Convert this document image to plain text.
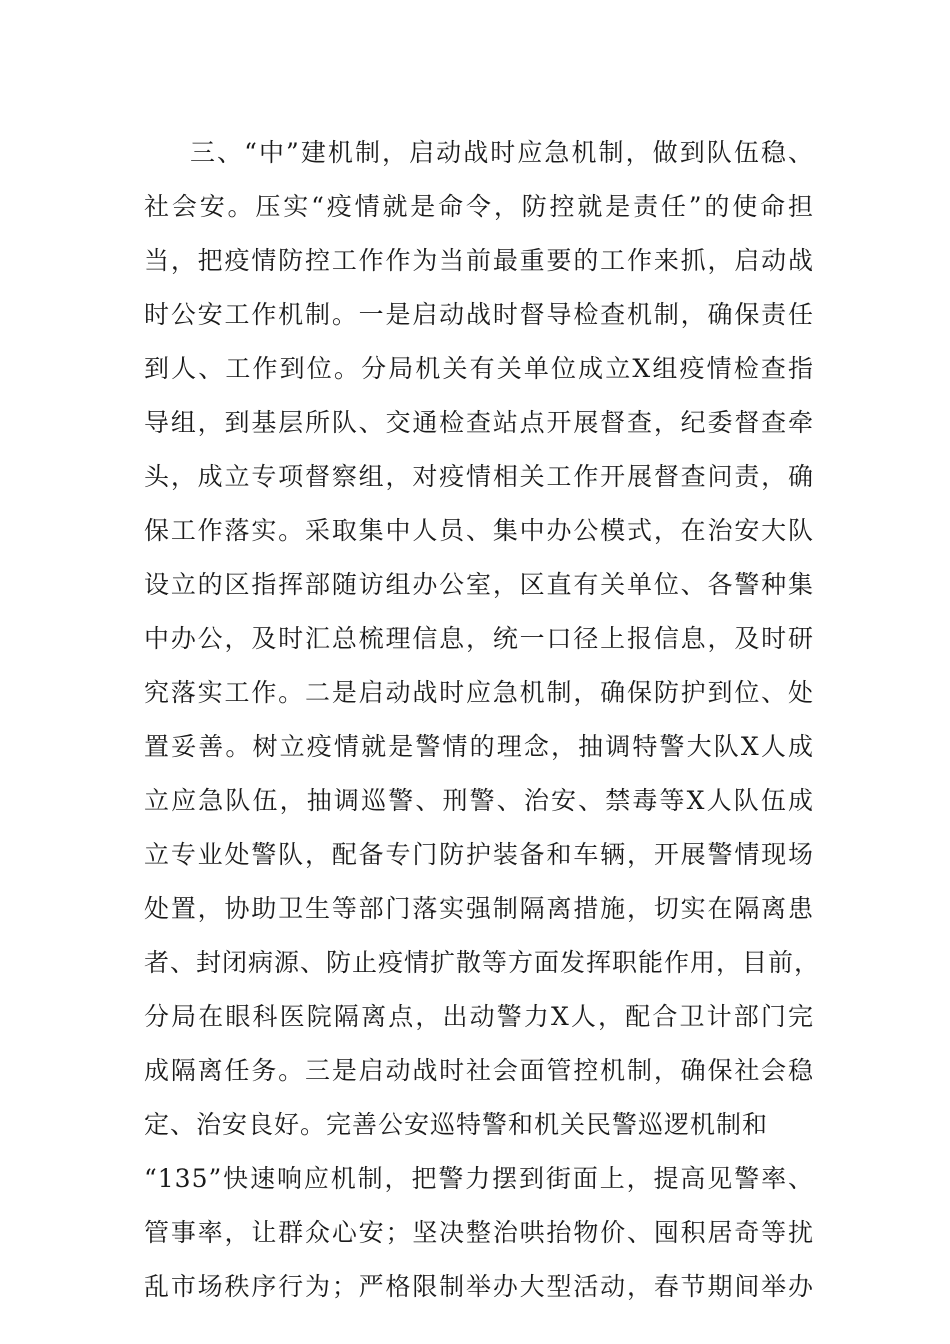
三、“中”建机制，启动战时应急机制，做到队伍稳、
社会安。压实“疫情就是命令，防控就是责任”的使命担
当，把疫情防控工作作为当前最重要的工作来抓，启动战
时公安工作机制。一是启动战时督导检查机制，确保责任
到人、工作到位。分局机关有关单位成立X组疫情检查指
导组，到基层所队、交通检查站点开展督查，纪委督查牵
头，成立专项督察组，对疫情相关工作开展督查问责，确
保工作落实。采取集中人员、集中办公模式，在治安大队
设立的区指挥部随访组办公室，区直有关单位、各警种集
中办公，及时汇总梳理信息，统一口径上报信息，及时研
究落实工作。二是启动战时应急机制，确保防护到位、处
置妥善。树立疫情就是警情的理念，抽调特警大队X人成
立应急队伍，抽调巡警、刑警、治安、禁毒等X人队伍成
立专业处警队，配备专门防护装备和车辆，开展警情现场
处置，协助卫生等部门落实强制隔离措施，切实在隔离患
者、封闭病源、防止疫情扩散等方面发挥职能作用，目前，
分局在眼科医院隔离点，出动警力X人，配合卫计部门完
成隔离任务。三是启动战时社会面管控机制，确保社会稳
定、治安良好。完善公安巡特警和机关民警巡逻机制和
“135”快速响应机制，把警力摆到街面上，提高见警率、
管事率，让群众心安；坚决整治哄抬物价、囤积居奇等扰
乱市场秩序行为；严格限制举办大型活动，春节期间举办
